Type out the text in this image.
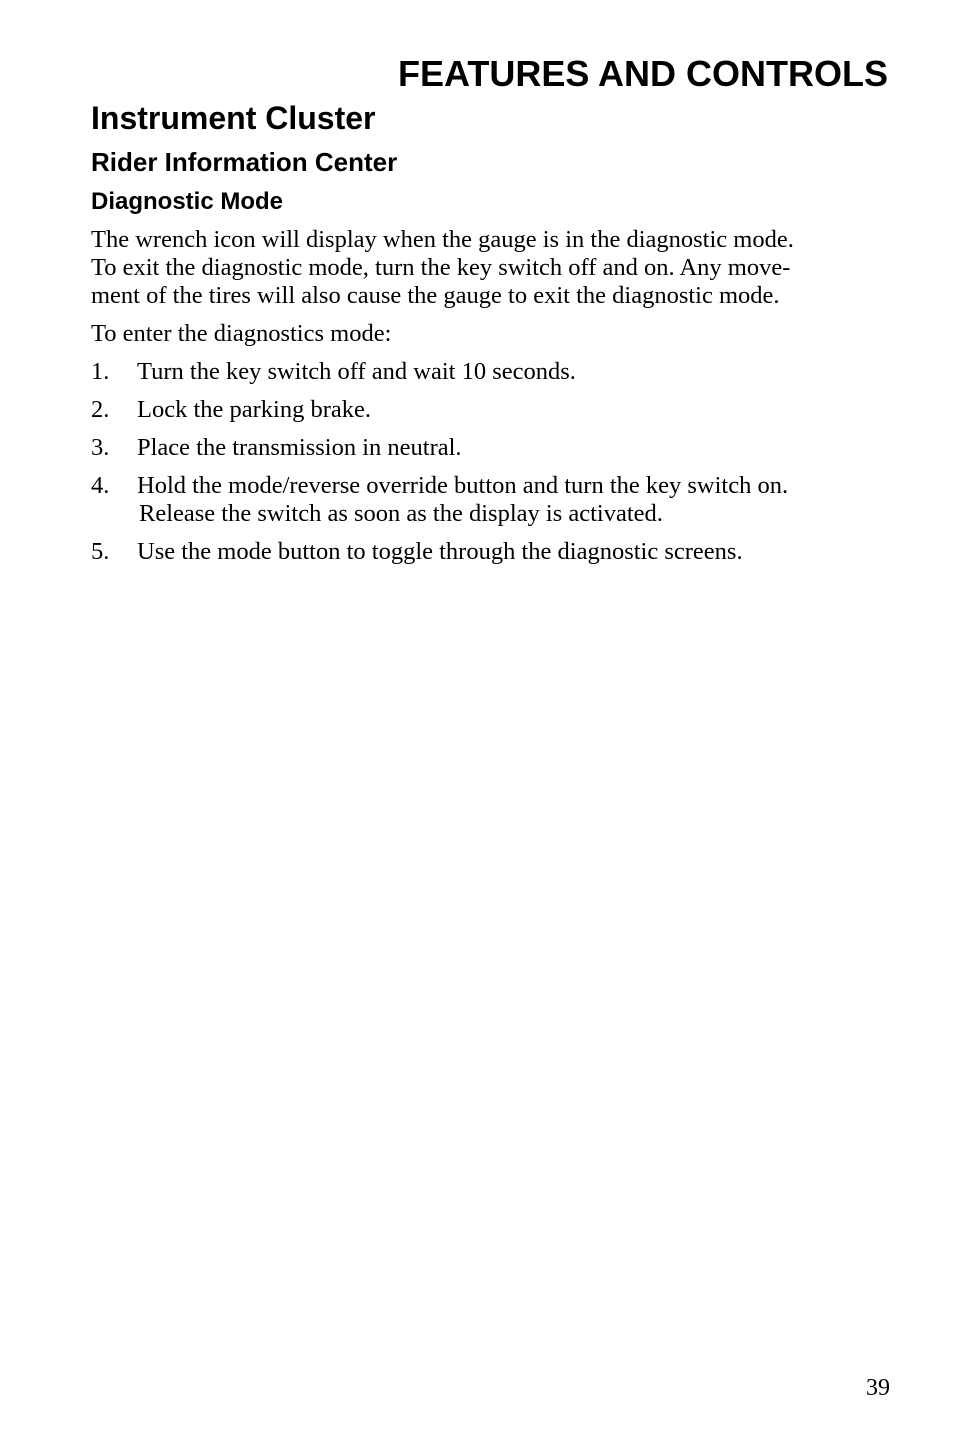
FEATURES AND CONTROLS
Instrument Cluster
Rider Information Center
Diagnostic Mode

The wrench icon will display when the gauge is in the diagnostic mode.
To exit the diagnostic mode, turn the key switch off and on. Any move-
ment of the tires will also cause the gauge to exit the diagnostic mode.

To enter the diagnostics mode:

1. Turn the key switch off and wait 10 seconds.
2. Lock the parking brake.
3. Place the transmission in neutral.
4. Hold the mode/reverse override button and turn the key switch on.
Release the switch as soon as the display is activated.
5. Use the mode button to toggle through the diagnostic screens.
39
